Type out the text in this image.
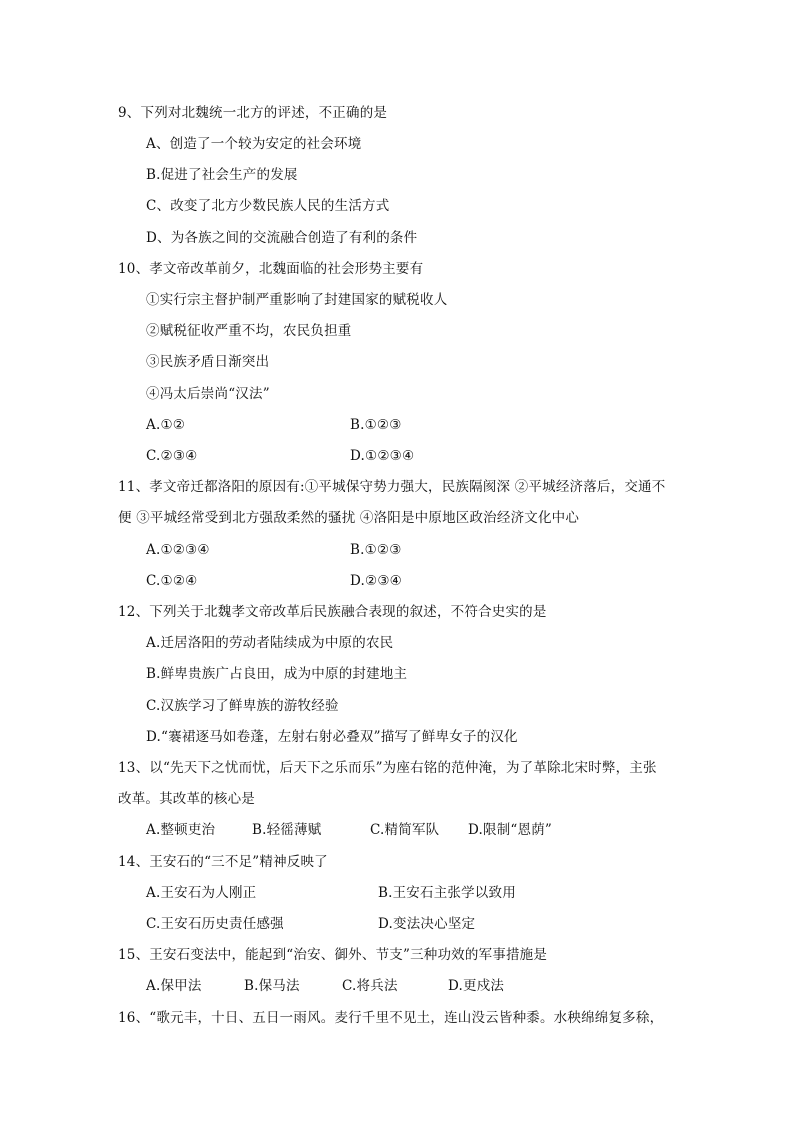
9、下列对北魏统一北方的评述，不正确的是
A、创造了一个较为安定的社会环境
B.促进了社会生产的发展
C、改变了北方少数民族人民的生活方式
D、为各族之间的交流融合创造了有利的条件
10、孝文帝改革前夕，北魏面临的社会形势主要有
①实行宗主督护制严重影响了封建国家的赋税收人
②赋税征收严重不均，农民负担重
③民族矛盾日渐突出
④冯太后崇尚“汉法”
A.①②	B.①②③
C.②③④	D.①②③④
11、孝文帝迁都洛阳的原因有:①平城保守势力强大，民族隔阂深 ②平城经济落后，交通不
便 ③平城经常受到北方强敌柔然的骚扰 ④洛阳是中原地区政治经济文化中心
A.①②③④	B.①②③
C.①②④	D.②③④
12、下列关于北魏孝文帝改革后民族融合表现的叙述，不符合史实的是
A.迁居洛阳的劳动者陆续成为中原的农民
B.鲜卑贵族广占良田，成为中原的封建地主
C.汉族学习了鲜卑族的游牧经验
D.“褰裙逐马如卷蓬，左射右射必叠双”描写了鲜卑女子的汉化
13、以“先天下之忧而忧，后天下之乐而乐”为座右铭的范仲淹，为了革除北宋时弊，主张
改革。其改革的核心是
A.整顿吏治	B.轻徭薄赋	C.精简军队 D.限制“恩荫”
14、王安石的“三不足”精神反映了
A.王安石为人刚正	B.王安石主张学以致用
C.王安石历史责任感强	D.变法决心坚定
15、王安石变法中，能起到“治安、御外、节支”三种功效的军事措施是
A.保甲法	B.保马法	C.将兵法	D.更戍法
16、“歌元丰，十日、五日一雨风。麦行千里不见土，连山没云皆种黍。水秧绵绵复多稌，
